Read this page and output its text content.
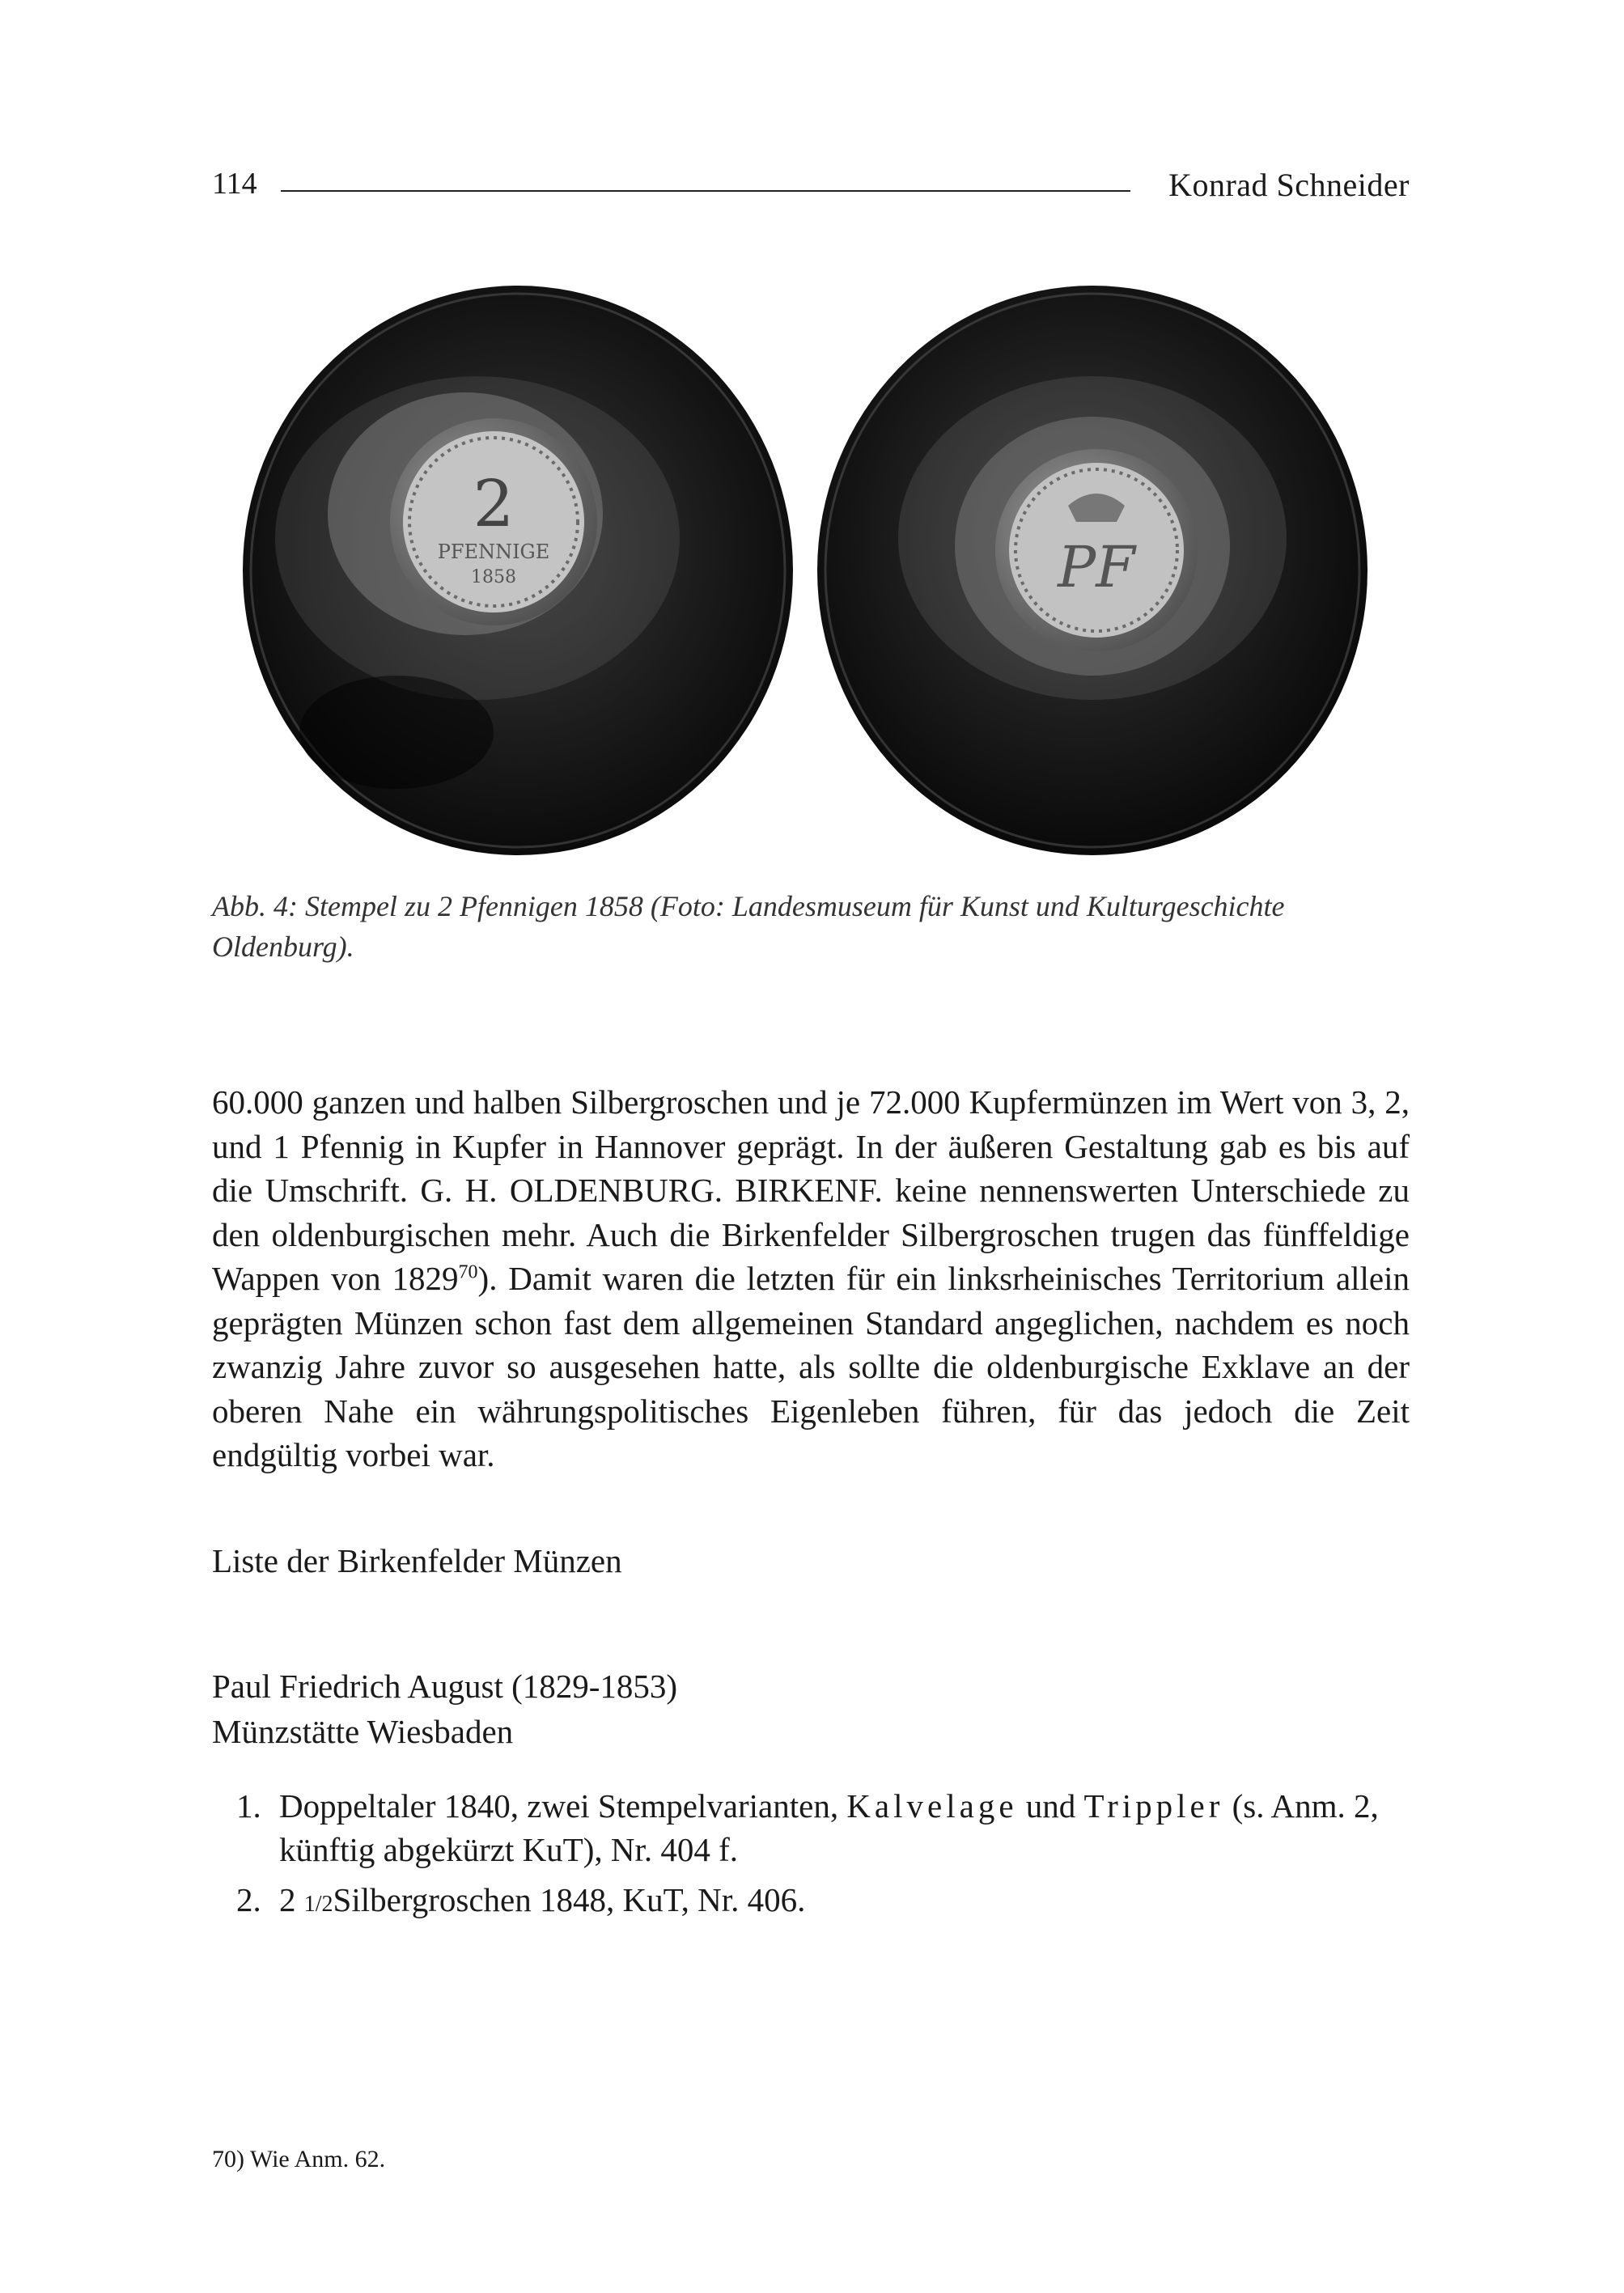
114	Konrad Schneider
2
PFENNIGE
1858	PF
Abb. 4: Stempel zu 2 Pfennigen 1858 (Foto: Landesmuseum für Kunst und Kulturgeschichte Oldenburg).

60.000 ganzen und halben Silbergroschen und je 72.000 Kupfermünzen im Wert von 3, 2, und 1 Pfennig in Kupfer in Hannover geprägt. In der äußeren Gestaltung gab es bis auf die Umschrift. G. H. OLDENBURG. BIRKENF. keine nennenswerten Unterschiede zu den oldenburgischen mehr. Auch die Birkenfelder Silbergroschen trugen das fünffeldige Wappen von 1829$^{70}$). Damit waren die letzten für ein linksrheinisches Territorium allein geprägten Münzen schon fast dem allgemeinen Standard angeglichen, nachdem es noch zwanzig Jahre zuvor so ausgesehen hatte, als sollte die oldenburgische Exklave an der oberen Nahe ein währungspolitisches Eigenleben führen, für das jedoch die Zeit endgültig vorbei war.

Liste der Birkenfelder Münzen
Paul Friedrich August (1829-1853)
Münzstätte Wiesbaden
1. Doppeltaler 1840, zwei Stempelvarianten, Kalvelage und Trippler (s. Anm. 2, künftig abgekürzt KuT), Nr. 404 f.
2. 2 1/2Silbergroschen 1848, KuT, Nr. 406.
70) Wie Anm. 62.
